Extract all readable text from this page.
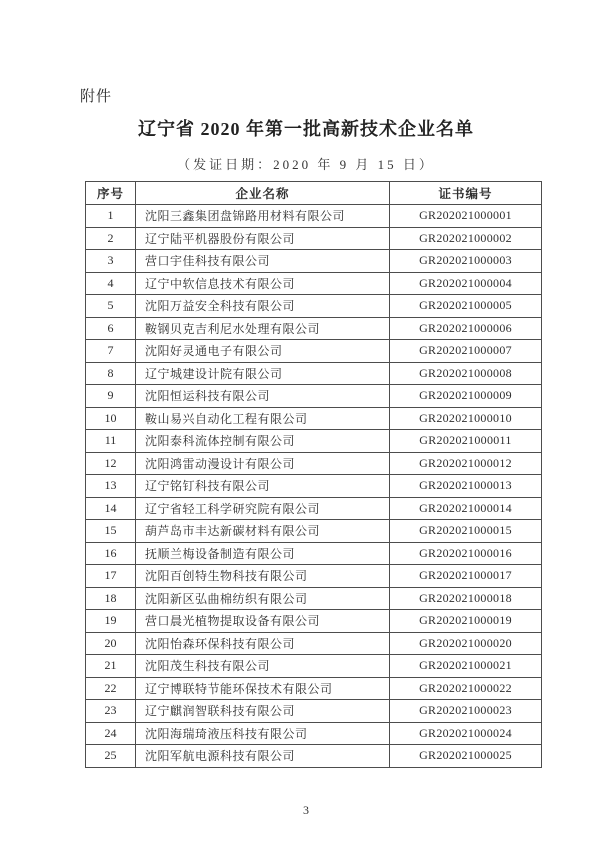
附件
辽宁省 2020 年第一批高新技术企业名单
（发证日期：2020 年 9 月 15 日）
序号	企业名称	证书编号
1	沈阳三鑫集团盘锦路用材料有限公司	GR202021000001
2	辽宁陆平机器股份有限公司	GR202021000002
3	营口宇佳科技有限公司	GR202021000003
4	辽宁中软信息技术有限公司	GR202021000004
5	沈阳万益安全科技有限公司	GR202021000005
6	鞍钢贝克吉利尼水处理有限公司	GR202021000006
7	沈阳好灵通电子有限公司	GR202021000007
8	辽宁城建设计院有限公司	GR202021000008
9	沈阳恒运科技有限公司	GR202021000009
10	鞍山易兴自动化工程有限公司	GR202021000010
11	沈阳泰科流体控制有限公司	GR202021000011
12	沈阳鸿雷动漫设计有限公司	GR202021000012
13	辽宁铭钉科技有限公司	GR202021000013
14	辽宁省轻工科学研究院有限公司	GR202021000014
15	葫芦岛市丰达新碳材料有限公司	GR202021000015
16	抚顺兰梅设备制造有限公司	GR202021000016
17	沈阳百创特生物科技有限公司	GR202021000017
18	沈阳新区弘曲棉纺织有限公司	GR202021000018
19	营口晨光植物提取设备有限公司	GR202021000019
20	沈阳怡森环保科技有限公司	GR202021000020
21	沈阳茂生科技有限公司	GR202021000021
22	辽宁博联特节能环保技术有限公司	GR202021000022
23	辽宁麒润智联科技有限公司	GR202021000023
24	沈阳海瑞琦液压科技有限公司	GR202021000024
25	沈阳军航电源科技有限公司	GR202021000025
3
